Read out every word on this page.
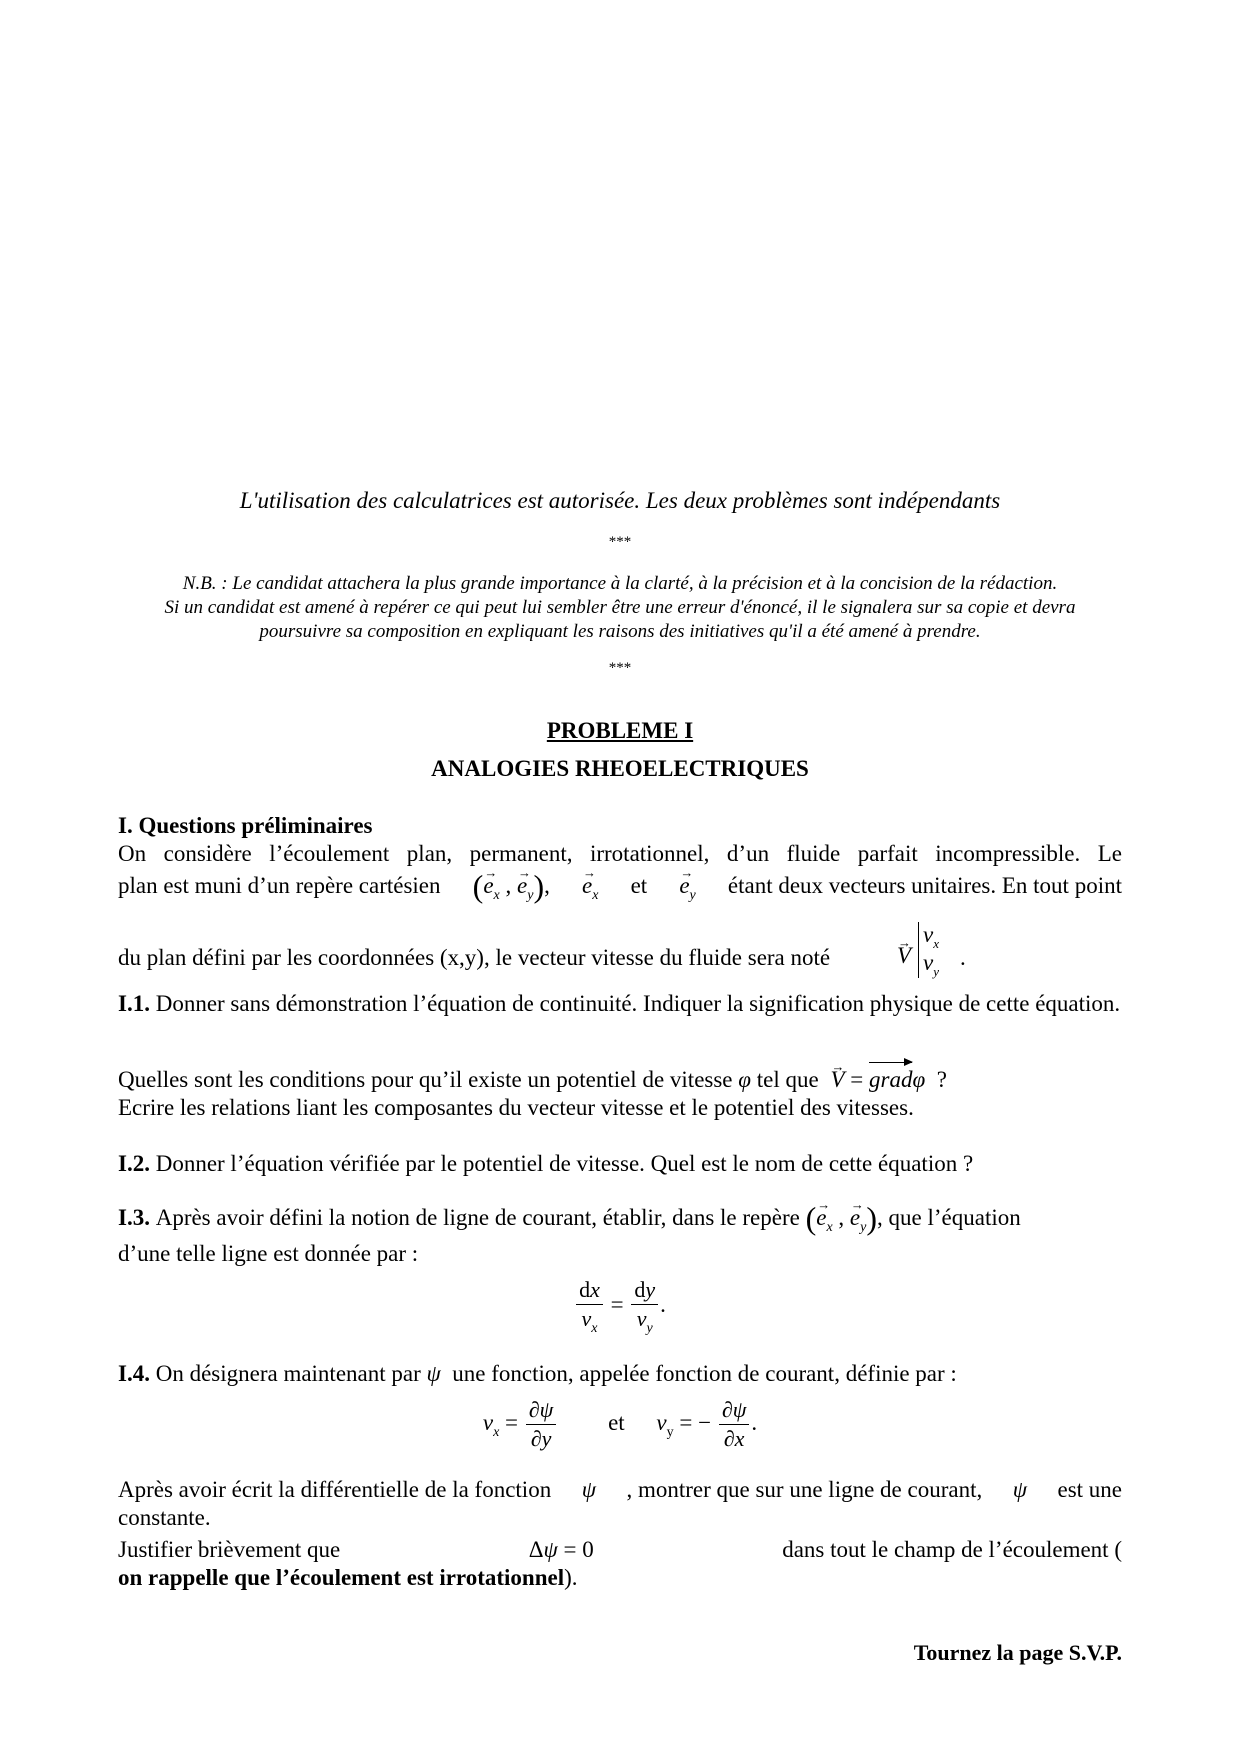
L'utilisation des calculatrices est autorisée. Les deux problèmes sont indépendants
***
N.B. : Le candidat attachera la plus grande importance à la clarté, à la précision et à la concision de la rédaction.
Si un candidat est amené à repérer ce qui peut lui sembler être une erreur d'énoncé, il le signalera sur sa copie et devra
poursuivre sa composition en expliquant les raisons des initiatives qu'il a été amené à prendre.
***
PROBLEME I
ANALOGIES RHEOELECTRIQUES
I. Questions préliminaires
On considère l’écoulement plan, permanent, irrotationnel, d’un fluide parfait incompressible. Le
plan est muni d’un repère cartésien (→ $e_x$ , → $e_y$), → $e_x$ et → $e_y$ étant deux vecteurs unitaires. En tout point
du plan défini par les coordonnées (x,y), le vecteur vitesse du fluide sera noté	→ V
$v_x$
$v_y$
.
I.1. Donner sans démonstration l’équation de continuité. Indiquer la signification physique de cette équation.
Quelles sont les conditions pour qu’il existe un potentiel de vitesse φ tel que → V = grad
φ  ?
Ecrire les relations liant les composantes du vecteur vitesse et le potentiel des vitesses.
I.2. Donner l’équation vérifiée par le potentiel de vitesse. Quel est le nom de cette équation ?
I.3.
Après avoir défini la notion de ligne de courant, établir, dans le repère
(→ $e_x$ , → $e_y$) , que l’équation
d’une telle ligne est donnée par :
$\frac{dx}{v_x} = \frac{dy}{v_y}$ .
I.4. On désignera maintenant par ψ une fonction, appelée fonction de courant, définie par :
$v_x = \frac{\partial\psi}{\partial y}$ et $v_y$ = − $\frac{\partial\psi}{\partial x}$ .
Après avoir écrit la différentielle de la fonction ψ , montrer que sur une ligne de courant, ψ est une
constante.
Justifier brièvement que	Δψ = 0	dans tout le champ de l’écoulement (
on rappelle que l’écoulement est irrotationnel).
Tournez la page S.V.P.
